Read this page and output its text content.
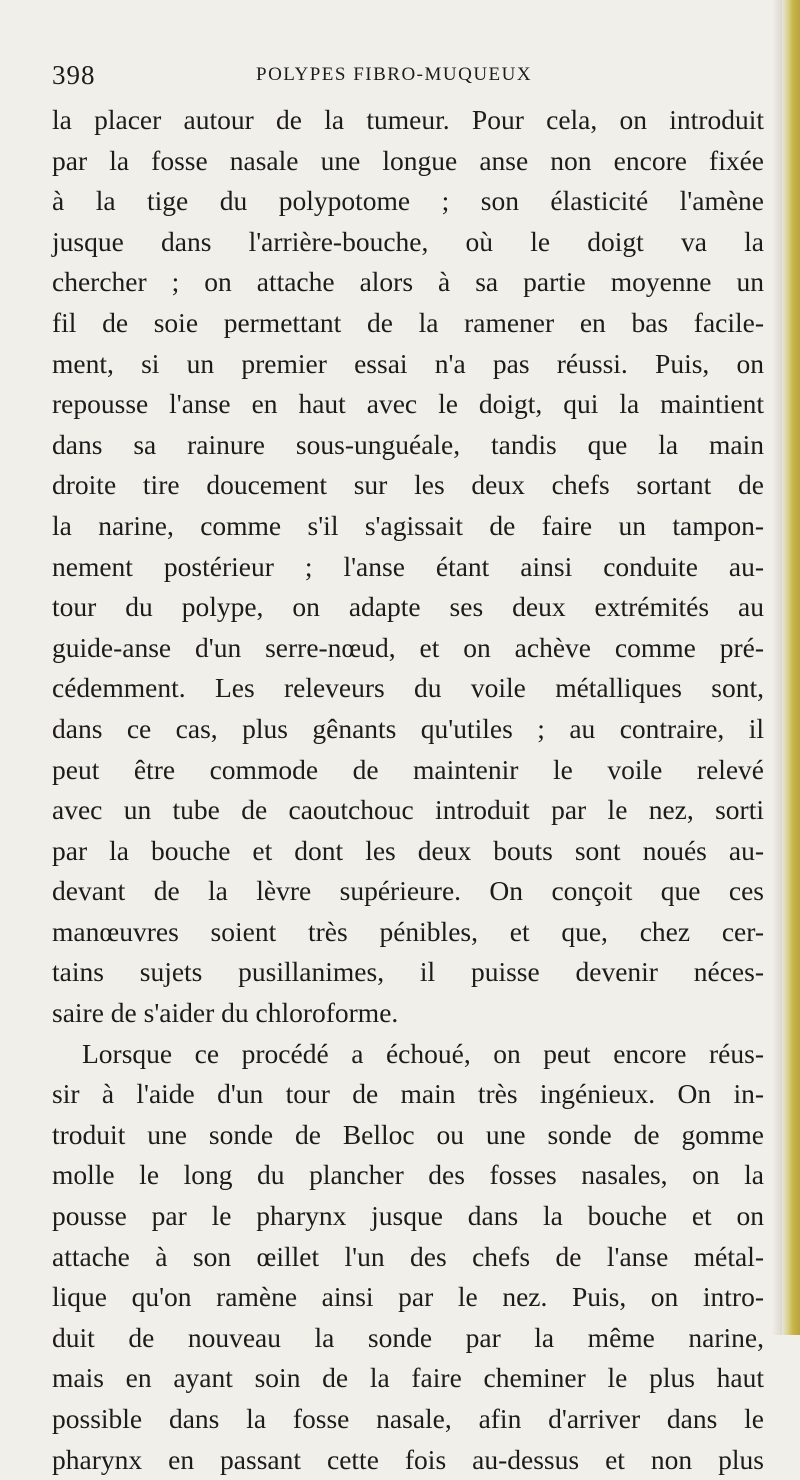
398	POLYPES FIBRO-MUQUEUX
la placer autour de la tumeur. Pour cela, on introduit
par la fosse nasale une longue anse non encore fixée
à la tige du polypotome ; son élasticité l'amène
jusque dans l'arrière-bouche, où le doigt va la
chercher ; on attache alors à sa partie moyenne un
fil de soie permettant de la ramener en bas facile-
ment, si un premier essai n'a pas réussi. Puis, on
repousse l'anse en haut avec le doigt, qui la maintient
dans sa rainure sous-unguéale, tandis que la main
droite tire doucement sur les deux chefs sortant de
la narine, comme s'il s'agissait de faire un tampon-
nement postérieur ; l'anse étant ainsi conduite au-
tour du polype, on adapte ses deux extrémités au
guide-anse d'un serre-nœud, et on achève comme pré-
cédemment. Les releveurs du voile métalliques sont,
dans ce cas, plus gênants qu'utiles ; au contraire, il
peut être commode de maintenir le voile relevé
avec un tube de caoutchouc introduit par le nez, sorti
par la bouche et dont les deux bouts sont noués au-
devant de la lèvre supérieure. On conçoit que ces
manœuvres soient très pénibles, et que, chez cer-
tains sujets pusillanimes, il puisse devenir néces-
saire de s'aider du chloroforme.
Lorsque ce procédé a échoué, on peut encore réus-
sir à l'aide d'un tour de main très ingénieux. On in-
troduit une sonde de Belloc ou une sonde de gomme
molle le long du plancher des fosses nasales, on la
pousse par le pharynx jusque dans la bouche et on
attache à son œillet l'un des chefs de l'anse métal-
lique qu'on ramène ainsi par le nez. Puis, on intro-
duit de nouveau la sonde par la même narine,
mais en ayant soin de la faire cheminer le plus haut
possible dans la fosse nasale, afin d'arriver dans le
pharynx en passant cette fois au-dessus et non plus
